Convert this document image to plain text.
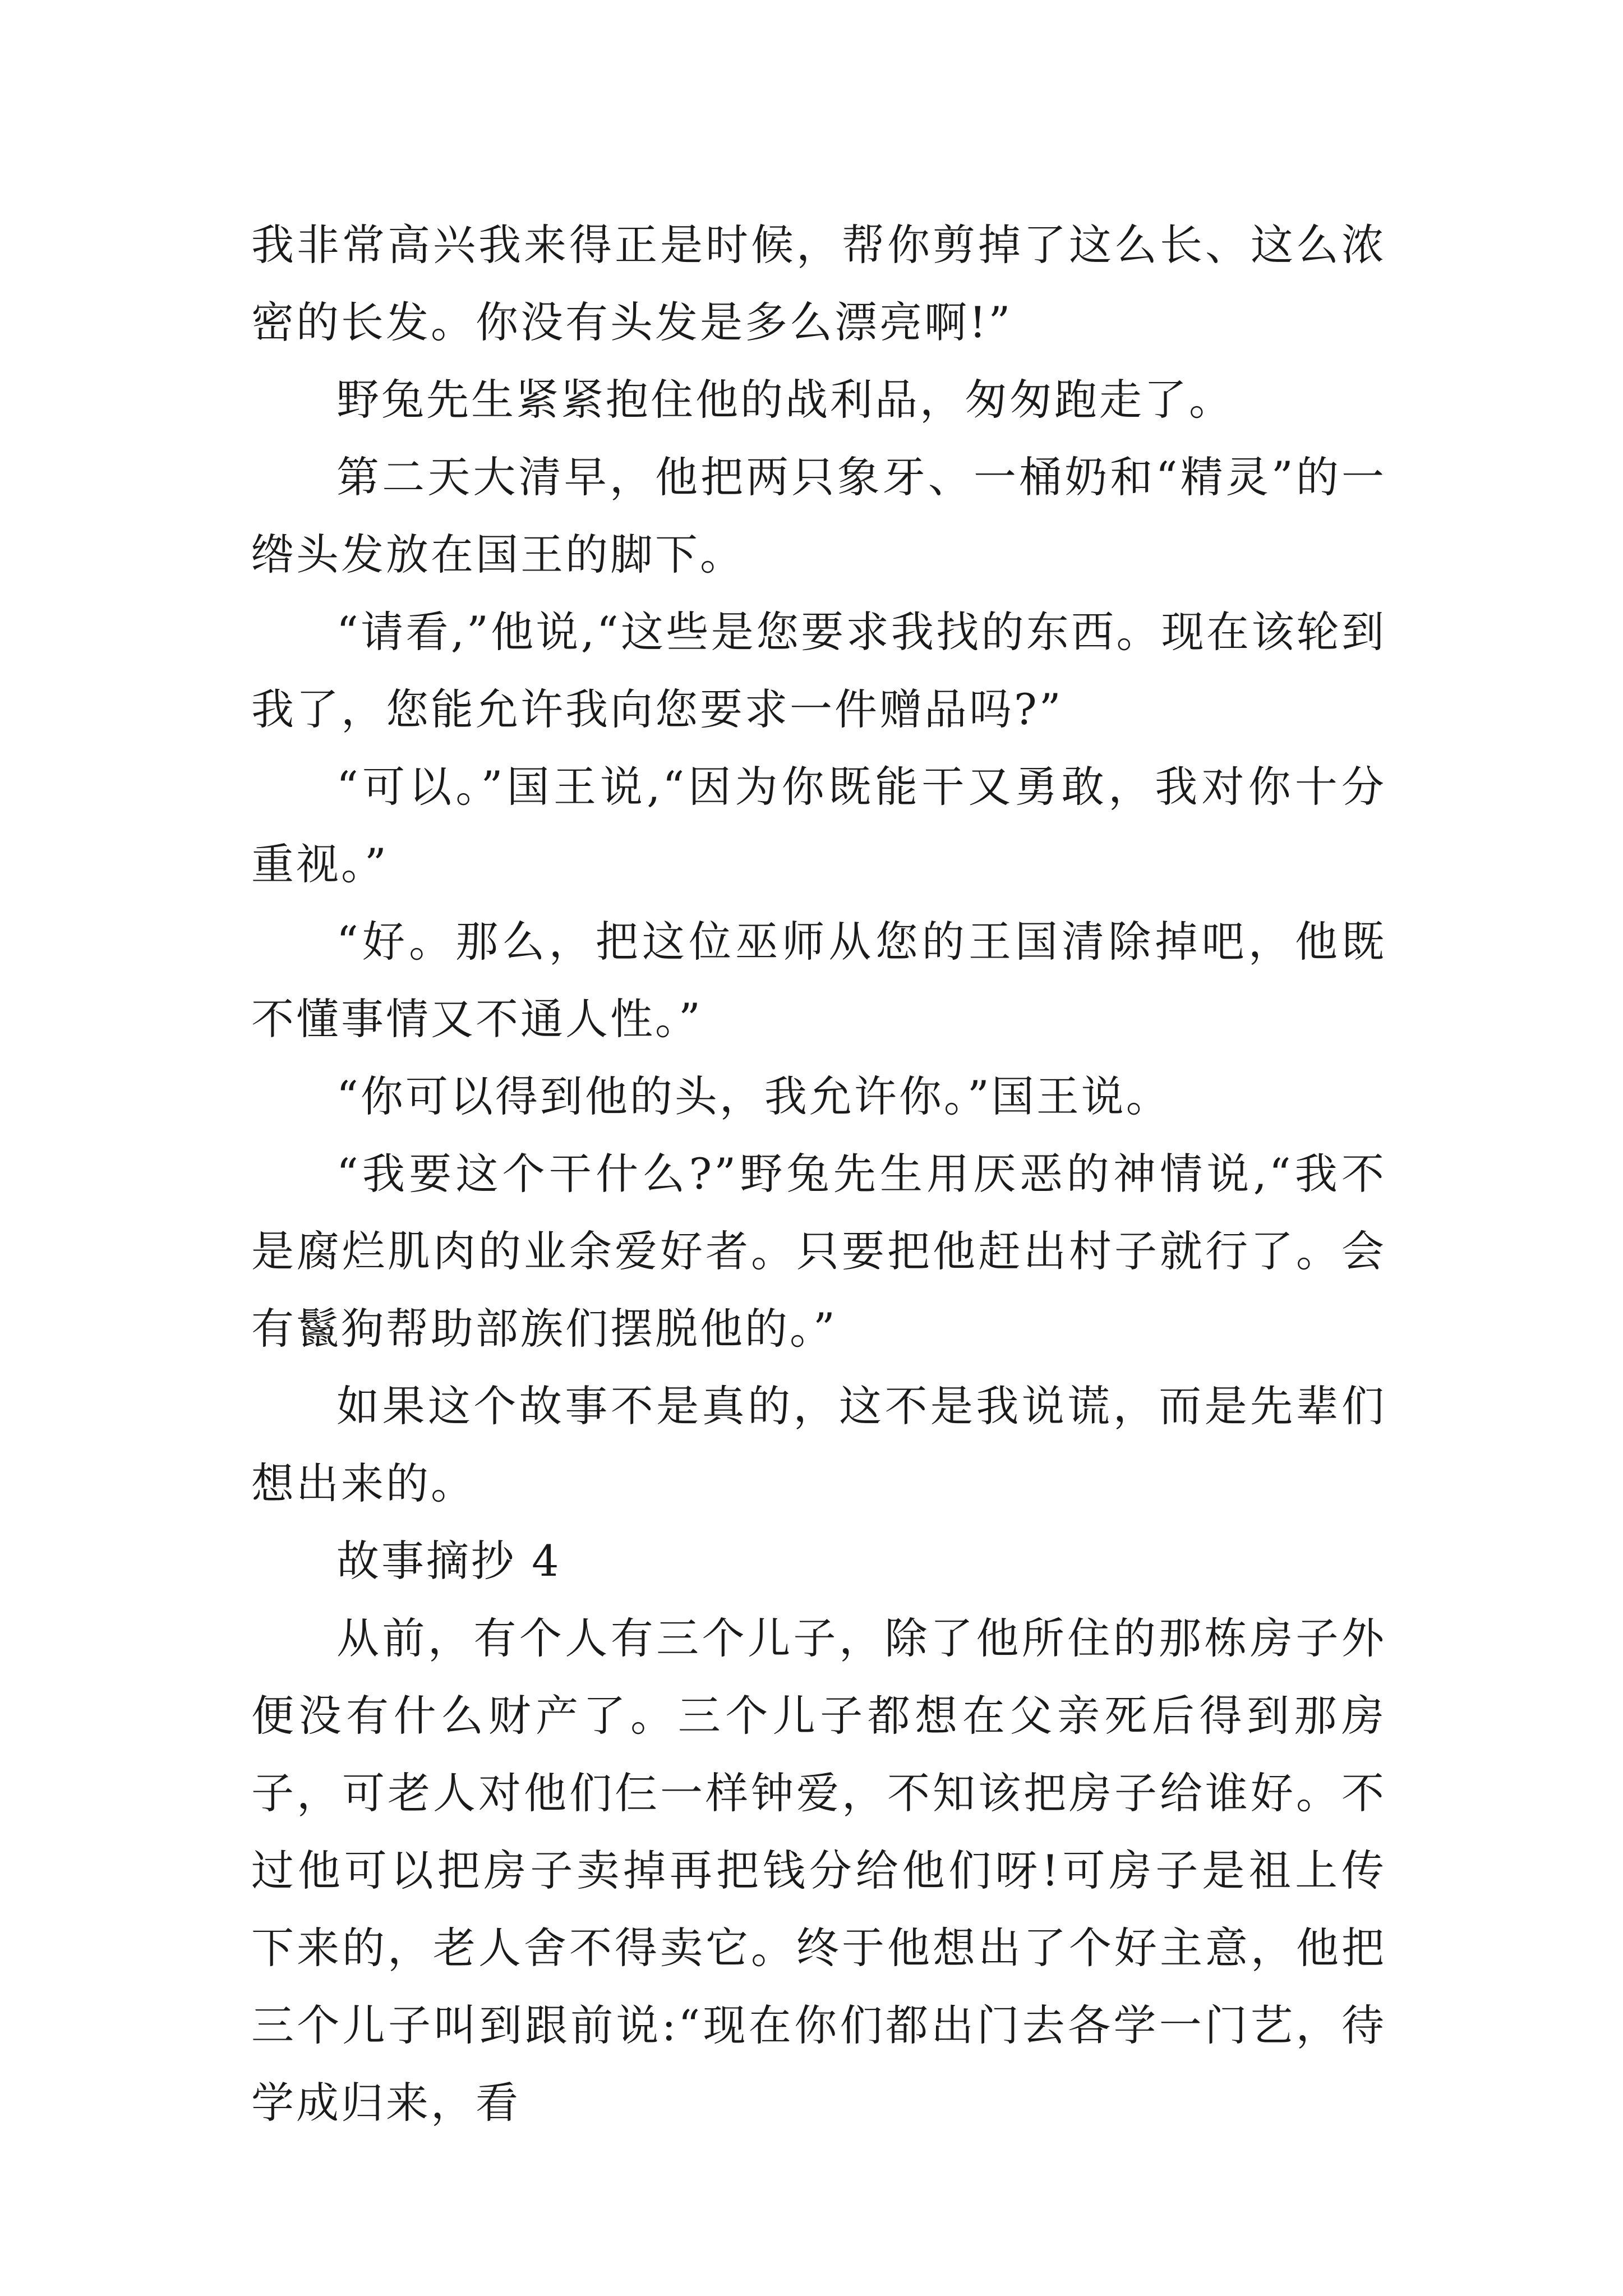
我非常高兴我来得正是时候，帮你剪掉了这么长、这么浓密的长发。你没有头发是多么漂亮啊!”

野兔先生紧紧抱住他的战利品，匆匆跑走了。

第二天大清早，他把两只象牙、一桶奶和“精灵”的一绺头发放在国王的脚下。

“请看,”他说,“这些是您要求我找的东西。现在该轮到我了，您能允许我向您要求一件赠品吗?”

“可以。”国王说,“因为你既能干又勇敢，我对你十分重视。”

“好。那么，把这位巫师从您的王国清除掉吧，他既不懂事情又不通人性。”

“你可以得到他的头，我允许你。”国王说。

“我要这个干什么?”野兔先生用厌恶的神情说,“我不是腐烂肌肉的业余爱好者。只要把他赶出村子就行了。会有鬣狗帮助部族们摆脱他的。”

如果这个故事不是真的，这不是我说谎，而是先辈们想出来的。

故事摘抄 4

从前，有个人有三个儿子，除了他所住的那栋房子外便没有什么财产了。三个儿子都想在父亲死后得到那房子，可老人对他们仨一样钟爱，不知该把房子给谁好。不过他可以把房子卖掉再把钱分给他们呀!可房子是祖上传下来的，老人舍不得卖它。终于他想出了个好主意，他把三个儿子叫到跟前说:“现在你们都出门去各学一门艺，待学成归来，看
